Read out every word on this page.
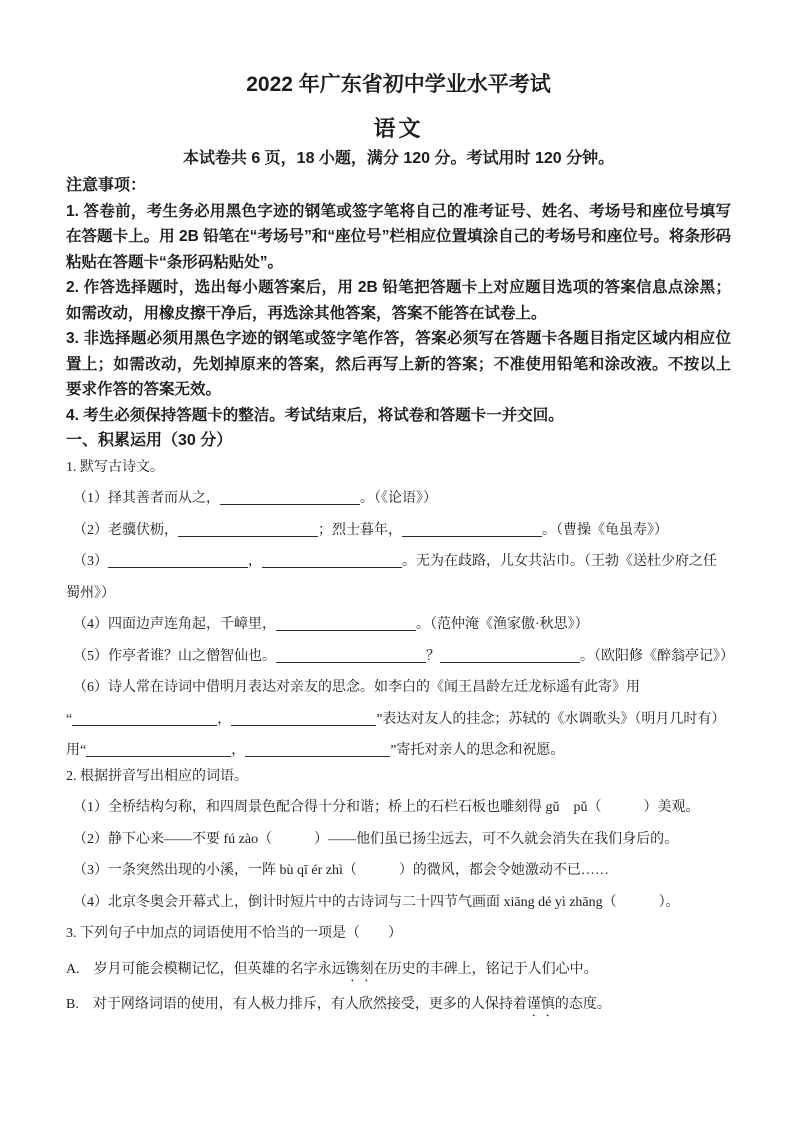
2022 年广东省初中学业水平考试
语文
本试卷共 6 页，18 小题，满分 120 分。考试用时 120 分钟。
注意事项：
1. 答卷前，考生务必用黑色字迹的钢笔或签字笔将自己的准考证号、姓名、考场号和座位号填写在答题卡上。用 2B 铅笔在“考场号”和“座位号”栏相应位置填涂自己的考场号和座位号。将条形码粘贴在答题卡“条形码粘贴处”。
2. 作答选择题时，选出每小题答案后，用 2B 铅笔把答题卡上对应题目选项的答案信息点涂黑；如需改动，用橡皮擦干净后，再选涂其他答案，答案不能答在试卷上。
3. 非选择题必须用黑色字迹的钢笔或签字笔作答，答案必须写在答题卡各题目指定区域内相应位置上；如需改动，先划掉原来的答案，然后再写上新的答案；不准使用铅笔和涂改液。不按以上要求作答的答案无效。
4. 考生必须保持答题卡的整洁。考试结束后，将试卷和答题卡一并交回。
一、积累运用（30 分）
1. 默写古诗文。
（1）择其善者而从之，	。（《论语》）
（2）老骥伏枥，	；烈士暮年，	。（曹操《龟虽寿》）
（3）	，	。无为在歧路，儿女共沾巾。（王勃《送杜少府之任
蜀州》）
（4）四面边声连角起，千嶂里，	。（范仲淹《渔家傲·秋思》）
（5）作亭者谁？山之僧智仙也。	？	。（欧阳修《醉翁亭记》）
（6）诗人常在诗词中借明月表达对亲友的思念。如李白的《闻王昌龄左迁龙标遥有此寄》用
“	，	”表达对友人的挂念；苏轼的《水调歌头》（明月几时有）
用“	，	”寄托对亲人的思念和祝愿。
2. 根据拼音写出相应的词语。
（1）全桥结构匀称，和四周景色配合得十分和谐；桥上的石栏石板也雕刻得 gǔ　pǔ（　　　）美观。
（2）静下心来——不要 fú zào（　　　）——他们虽已扬尘远去，可不久就会消失在我们身后的。
（3）一条突然出现的小溪，一阵 bù qī ér zhì（　　　）的微风，都会令她激动不已……
（4）北京冬奥会开幕式上，倒计时短片中的古诗词与二十四节气画面 xiāng dé yì zhāng（　　　）。
3. 下列句子中加点的词语使用不恰当的一项是（　　）
A.　岁月可能会模糊记忆，但英雄的名字永远镌刻在历史的丰碑上，铭记于人们心中。
B.　对于网络词语的使用，有人极力排斥，有人欣然接受，更多的人保持着谨慎的态度。
